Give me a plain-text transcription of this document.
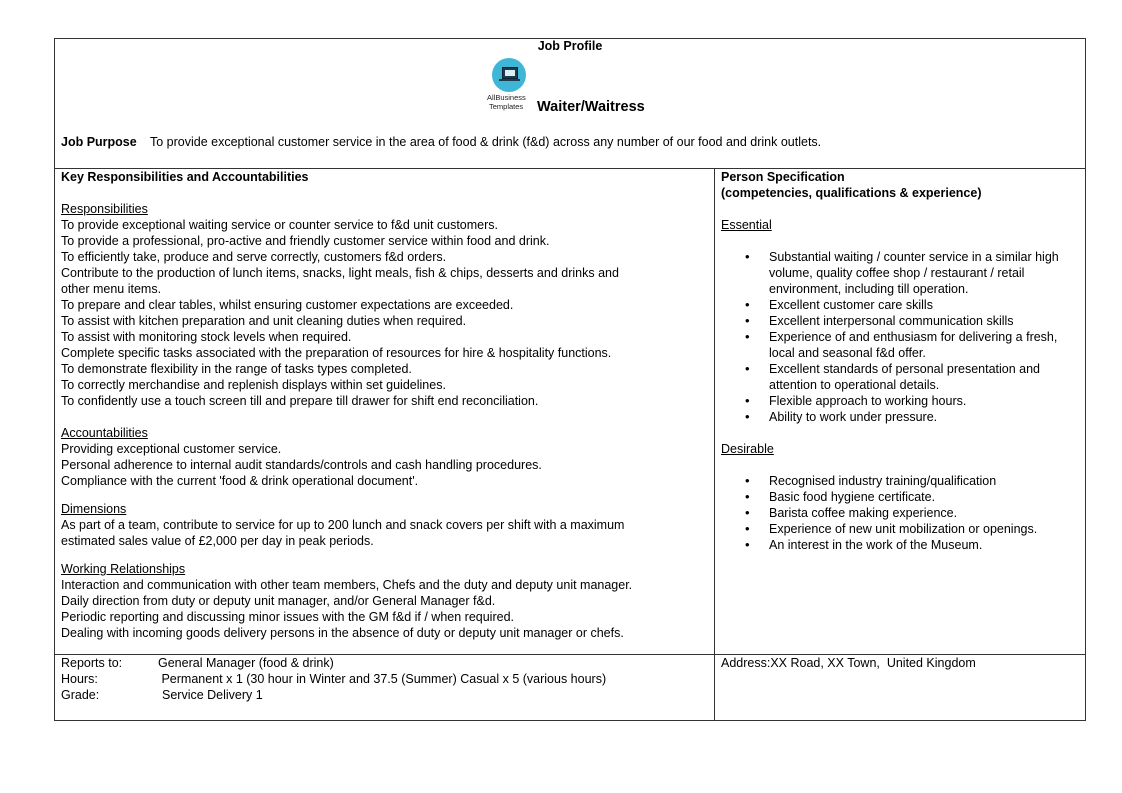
Job Profile
AllBusiness
Templates Waiter/Waitress
Job Purpose To provide exceptional customer service in the area of food & drink (f&d) across any number of our food and drink outlets.
Key Responsibilities and Accountabilities
Responsibilities
To provide exceptional waiting service or counter service to f&d unit customers.
To provide a professional, pro-active and friendly customer service within food and drink.
To efficiently take, produce and serve correctly, customers f&d orders.
Contribute to the production of lunch items, snacks, light meals, fish & chips, desserts and drinks and
other menu items.
To prepare and clear tables, whilst ensuring customer expectations are exceeded.
To assist with kitchen preparation and unit cleaning duties when required.
To assist with monitoring stock levels when required.
Complete specific tasks associated with the preparation of resources for hire & hospitality functions.
To demonstrate flexibility in the range of tasks types completed.
To correctly merchandise and replenish displays within set guidelines.
To confidently use a touch screen till and prepare till drawer for shift end reconciliation.
Accountabilities
Providing exceptional customer service.
Personal adherence to internal audit standards/controls and cash handling procedures.
Compliance with the current 'food & drink operational document'.
Dimensions
As part of a team, contribute to service for up to 200 lunch and snack covers per shift with a maximum
estimated sales value of £2,000 per day in peak periods.
Working Relationships
Interaction and communication with other team members, Chefs and the duty and deputy unit manager.
Daily direction from duty or deputy unit manager, and/or General Manager f&d.
Periodic reporting and discussing minor issues with the GM f&d if / when required.
Dealing with incoming goods delivery persons in the absence of duty or deputy unit manager or chefs.
Person Specification
(competencies, qualifications & experience)
Essential
• Substantial waiting / counter service in a similar high volume, quality coffee shop / restaurant / retail environment, including till operation.
• Excellent customer care skills
• Excellent interpersonal communication skills
• Experience of and enthusiasm for delivering a fresh, local and seasonal f&d offer.
• Excellent standards of personal presentation and attention to operational details.
• Flexible approach to working hours.
• Ability to work under pressure.
Desirable
• Recognised industry training/qualification
• Basic food hygiene certificate.
• Barista coffee making experience.
• Experience of new unit mobilization or openings.
• An interest in the work of the Museum.
Reports to:	General Manager (food & drink)
Hours:	Permanent x 1 (30 hour in Winter and 37.5 (Summer) Casual x 5 (various hours)
Grade:	Service Delivery 1
Address:XX Road, XX Town,  United Kingdom
